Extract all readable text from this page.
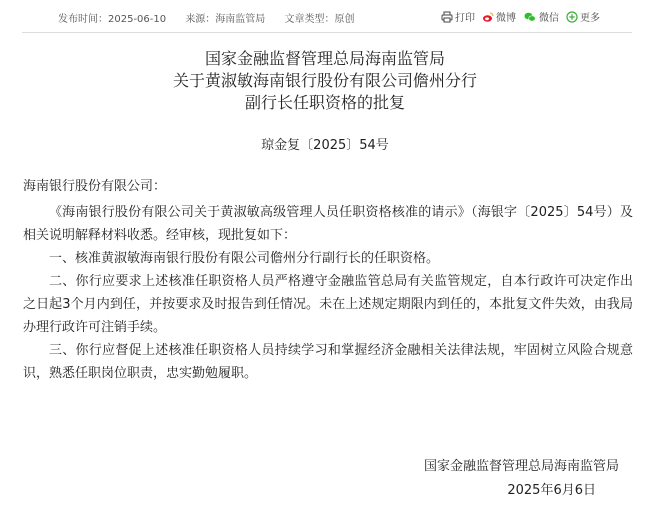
发布时间：2025-06-10 来源：海南监管局 文章类型：原创	打印 微博 微信 更多
国家金融监督管理总局海南监管局
关于黄淑敏海南银行股份有限公司儋州分行
副行长任职资格的批复
琼金复〔2025〕54号

海南银行股份有限公司：

《海南银行股份有限公司关于黄淑敏高级管理人员任职资格核准的请示》（海银字〔2025〕54号）及相关说明解释材料收悉。经审核，现批复如下：

一、核准黄淑敏海南银行股份有限公司儋州分行副行长的任职资格。

二、你行应要求上述核准任职资格人员严格遵守金融监管总局有关监管规定，自本行政许可决定作出之日起3个月内到任，并按要求及时报告到任情况。未在上述规定期限内到任的，本批复文件失效，由我局办理行政许可注销手续。

三、你行应督促上述核准任职资格人员持续学习和掌握经济金融相关法律法规，牢固树立风险合规意识，熟悉任职岗位职责，忠实勤勉履职。

国家金融监督管理总局海南监管局
2025年6月6日
